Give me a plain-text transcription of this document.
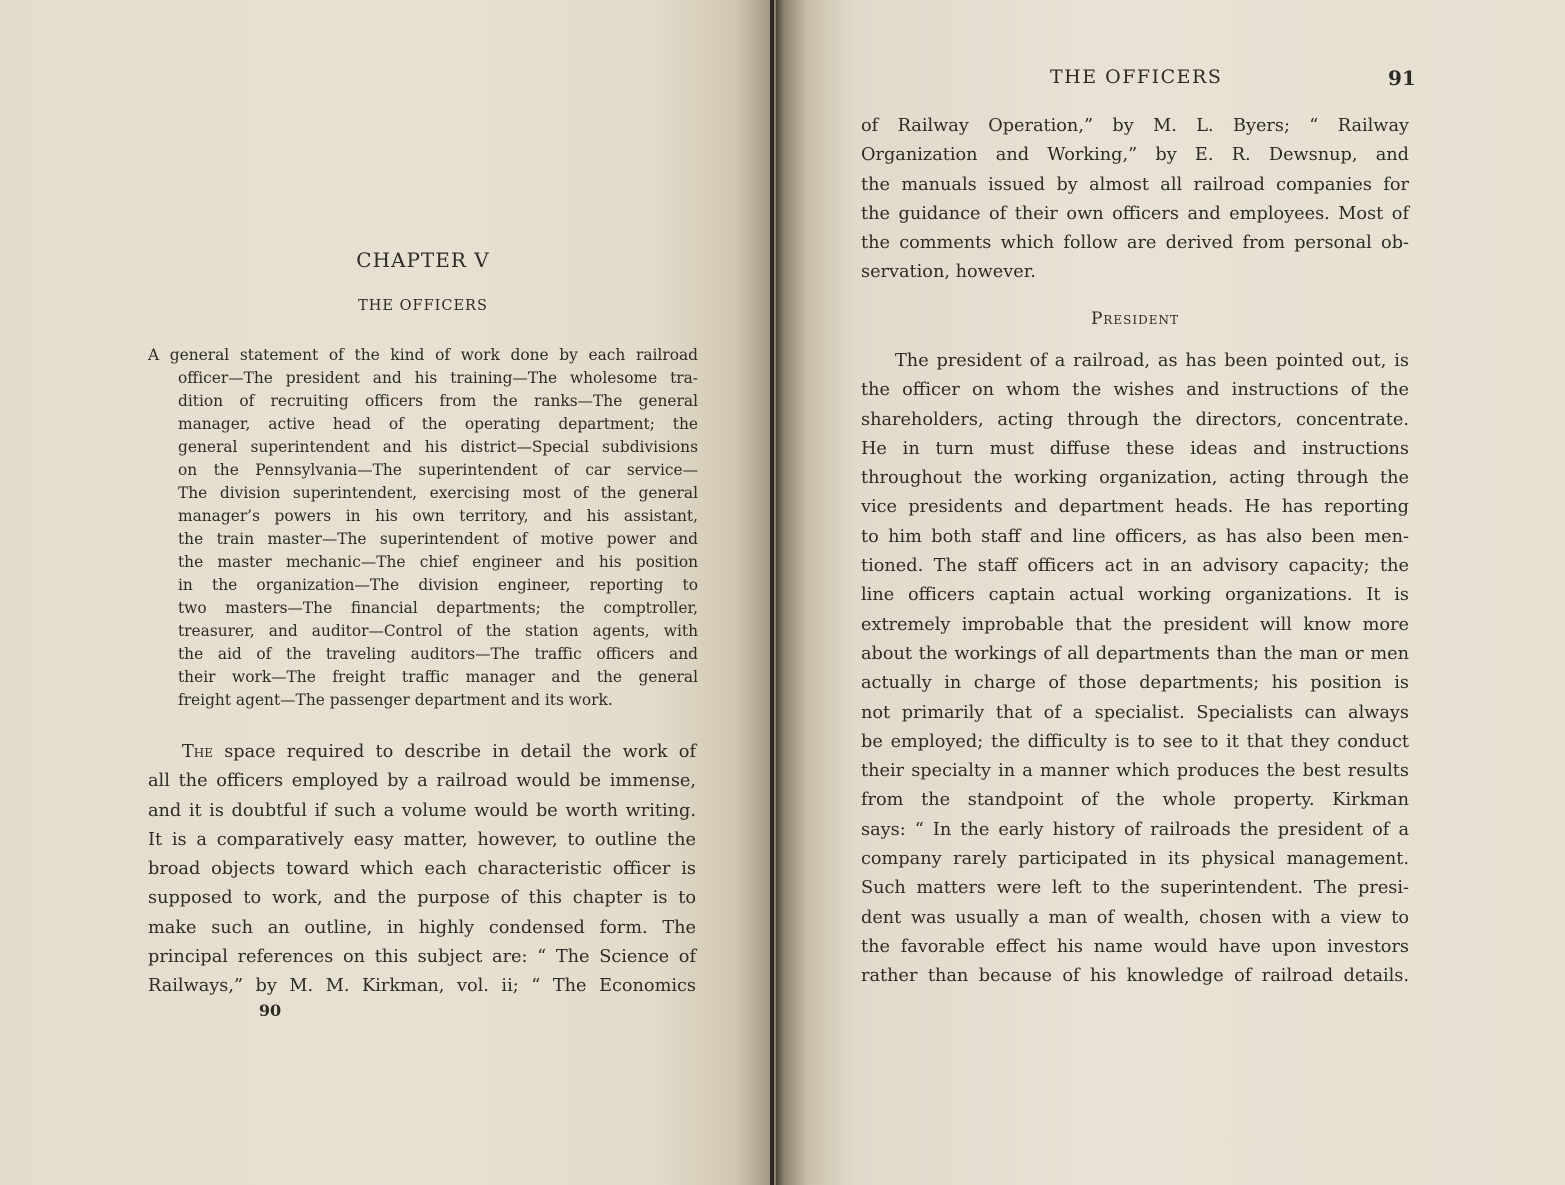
CHAPTER V
THE OFFICERS
A general statement of the kind of work done by each railroad
officer—The president and his training—The wholesome tra-
dition of recruiting officers from the ranks—The general
manager, active head of the operating department; the
general superintendent and his district—Special subdivisions
on the Pennsylvania—The superintendent of car service—
The division superintendent, exercising most of the general
manager’s powers in his own territory, and his assistant,
the train master—The superintendent of motive power and
the master mechanic—The chief engineer and his position
in the organization—The division engineer, reporting to
two masters—The financial departments; the comptroller,
treasurer, and auditor—Control of the station agents, with
the aid of the traveling auditors—The traffic officers and
their work—The freight traffic manager and the general
freight agent—The passenger department and its work.
The space required to describe in detail the work of
all the officers employed by a railroad would be immense,
and it is doubtful if such a volume would be worth writing.
It is a comparatively easy matter, however, to outline the
broad objects toward which each characteristic officer is
supposed to work, and the purpose of this chapter is to
make such an outline, in highly condensed form. The
principal references on this subject are: “ The Science of
Railways,” by M. M. Kirkman, vol. ii; “ The Economics
90
THE OFFICERS	91
of Railway Operation,” by M. L. Byers; “ Railway
Organization and Working,” by E. R. Dewsnup, and
the manuals issued by almost all railroad companies for
the guidance of their own officers and employees. Most of
the comments which follow are derived from personal ob-
servation, however.
President
The president of a railroad, as has been pointed out, is
the officer on whom the wishes and instructions of the
shareholders, acting through the directors, concentrate.
He in turn must diffuse these ideas and instructions
throughout the working organization, acting through the
vice presidents and department heads. He has reporting
to him both staff and line officers, as has also been men-
tioned. The staff officers act in an advisory capacity; the
line officers captain actual working organizations. It is
extremely improbable that the president will know more
about the workings of all departments than the man or men
actually in charge of those departments; his position is
not primarily that of a specialist. Specialists can always
be employed; the difficulty is to see to it that they conduct
their specialty in a manner which produces the best results
from the standpoint of the whole property. Kirkman
says: “ In the early history of railroads the president of a
company rarely participated in its physical management.
Such matters were left to the superintendent. The presi-
dent was usually a man of wealth, chosen with a view to
the favorable effect his name would have upon investors
rather than because of his knowledge of railroad details.
